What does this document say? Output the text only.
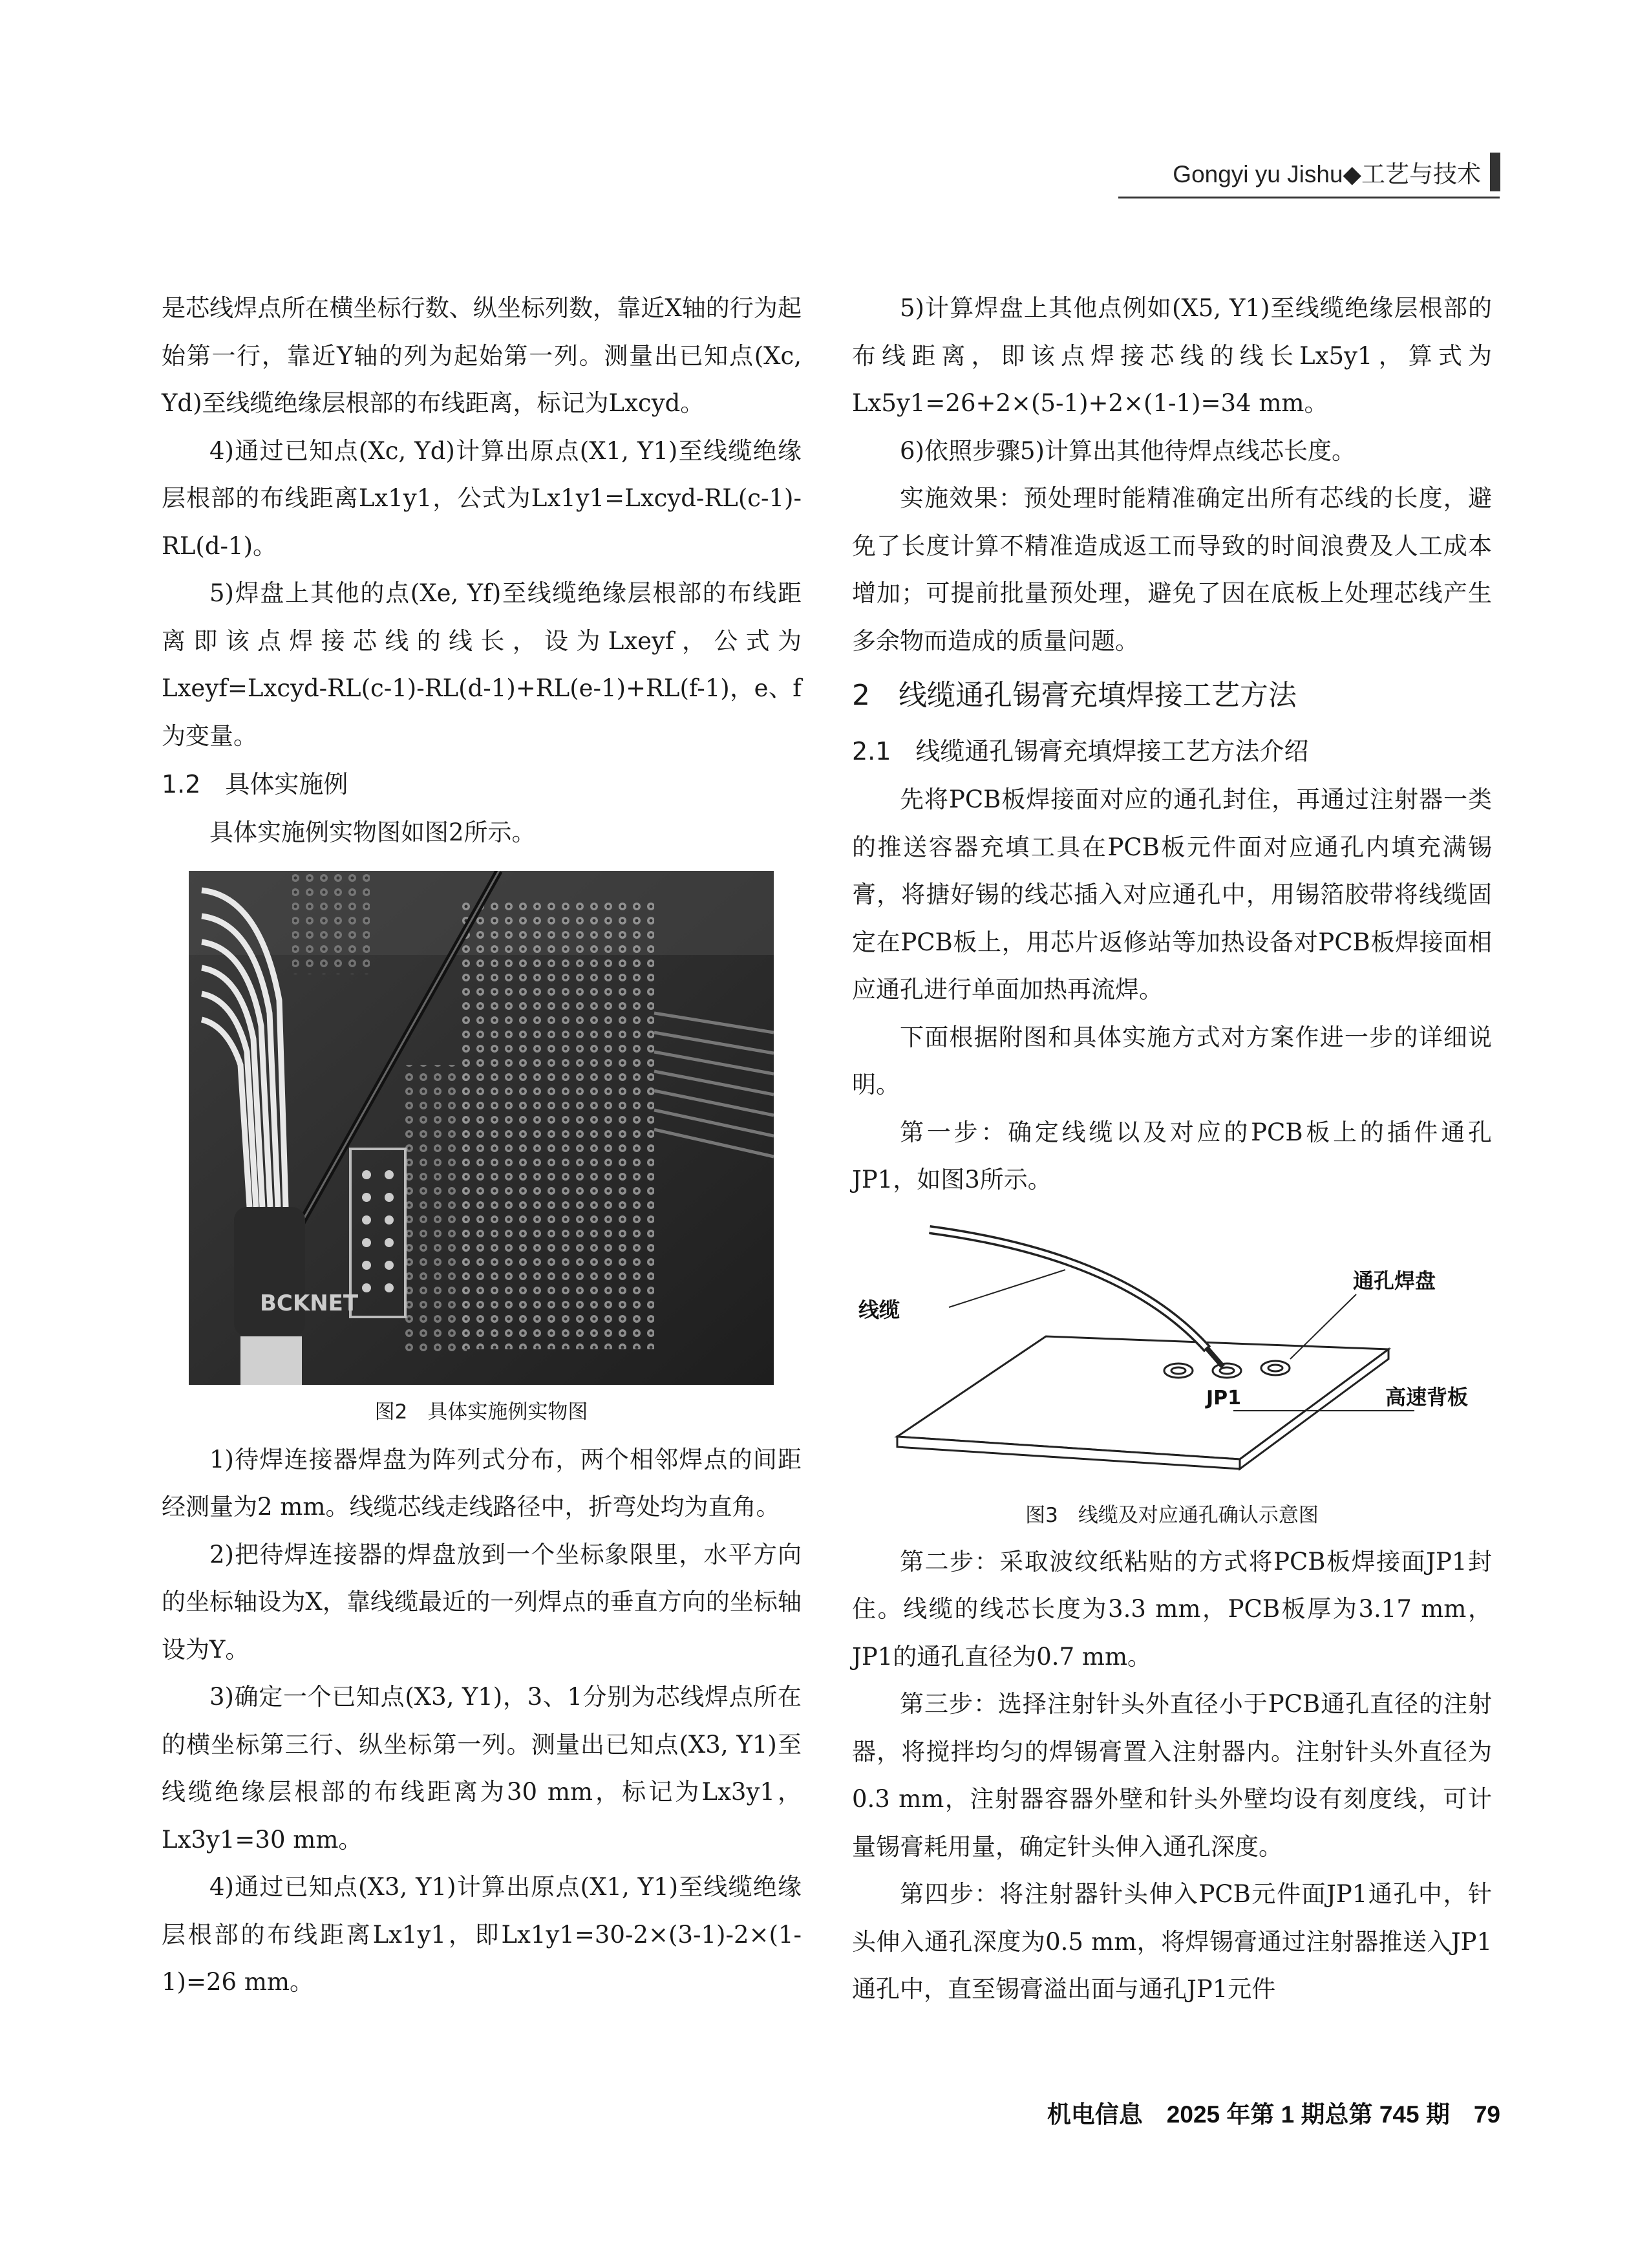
Gongyi yu Jishu◆工艺与技术

是芯线焊点所在横坐标行数、纵坐标列数，靠近X轴的行为起始第一行，靠近Y轴的列为起始第一列。测量出已知点(Xc, Yd)至线缆绝缘层根部的布线距离，标记为Lxcyd。

4)通过已知点(Xc, Yd)计算出原点(X1, Y1)至线缆绝缘层根部的布线距离Lx1y1，公式为Lx1y1=Lxcyd-RL(c-1)-RL(d-1)。

5)焊盘上其他的点(Xe, Yf)至线缆绝缘层根部的布线距离即该点焊接芯线的线长，设为Lxeyf，公式为Lxeyf=Lxcyd-RL(c-1)-RL(d-1)+RL(e-1)+RL(f-1)，e、f为变量。

1.2　具体实施例

具体实施例实物图如图2所示。

BCKNET
图2　具体实施例实物图

1)待焊连接器焊盘为阵列式分布，两个相邻焊点的间距经测量为2 mm。线缆芯线走线路径中，折弯处均为直角。

2)把待焊连接器的焊盘放到一个坐标象限里，水平方向的坐标轴设为X，靠线缆最近的一列焊点的垂直方向的坐标轴设为Y。

3)确定一个已知点(X3, Y1)，3、1分别为芯线焊点所在的横坐标第三行、纵坐标第一列。测量出已知点(X3, Y1)至线缆绝缘层根部的布线距离为30 mm，标记为Lx3y1，Lx3y1=30 mm。

4)通过已知点(X3, Y1)计算出原点(X1, Y1)至线缆绝缘层根部的布线距离Lx1y1，即Lx1y1=30-2×(3-1)-2×(1-1)=26 mm。

5)计算焊盘上其他点例如(X5, Y1)至线缆绝缘层根部的布线距离，即该点焊接芯线的线长Lx5y1，算式为Lx5y1=26+2×(5-1)+2×(1-1)=34 mm。

6)依照步骤5)计算出其他待焊点线芯长度。

实施效果：预处理时能精准确定出所有芯线的长度，避免了长度计算不精准造成返工而导致的时间浪费及人工成本增加；可提前批量预处理，避免了因在底板上处理芯线产生多余物而造成的质量问题。

2　线缆通孔锡膏充填焊接工艺方法
2.1　线缆通孔锡膏充填焊接工艺方法介绍

先将PCB板焊接面对应的通孔封住，再通过注射器一类的推送容器充填工具在PCB板元件面对应通孔内填充满锡膏，将搪好锡的线芯插入对应通孔中，用锡箔胶带将线缆固定在PCB板上，用芯片返修站等加热设备对PCB板焊接面相应通孔进行单面加热再流焊。

下面根据附图和具体实施方式对方案作进一步的详细说明。

第一步：确定线缆以及对应的PCB板上的插件通孔JP1，如图3所示。

线缆
通孔焊盘
JP1	高速背板
图3　线缆及对应通孔确认示意图

第二步：采取波纹纸粘贴的方式将PCB板焊接面JP1封住。线缆的线芯长度为3.3 mm，PCB板厚为3.17 mm，JP1的通孔直径为0.7 mm。

第三步：选择注射针头外直径小于PCB通孔直径的注射器，将搅拌均匀的焊锡膏置入注射器内。注射针头外直径为0.3 mm，注射器容器外壁和针头外壁均设有刻度线，可计量锡膏耗用量，确定针头伸入通孔深度。

第四步：将注射器针头伸入PCB元件面JP1通孔中，针头伸入通孔深度为0.5 mm，将焊锡膏通过注射器推送入JP1通孔中，直至锡膏溢出面与通孔JP1元件

机电信息　2025 年第 1 期总第 745 期　79
